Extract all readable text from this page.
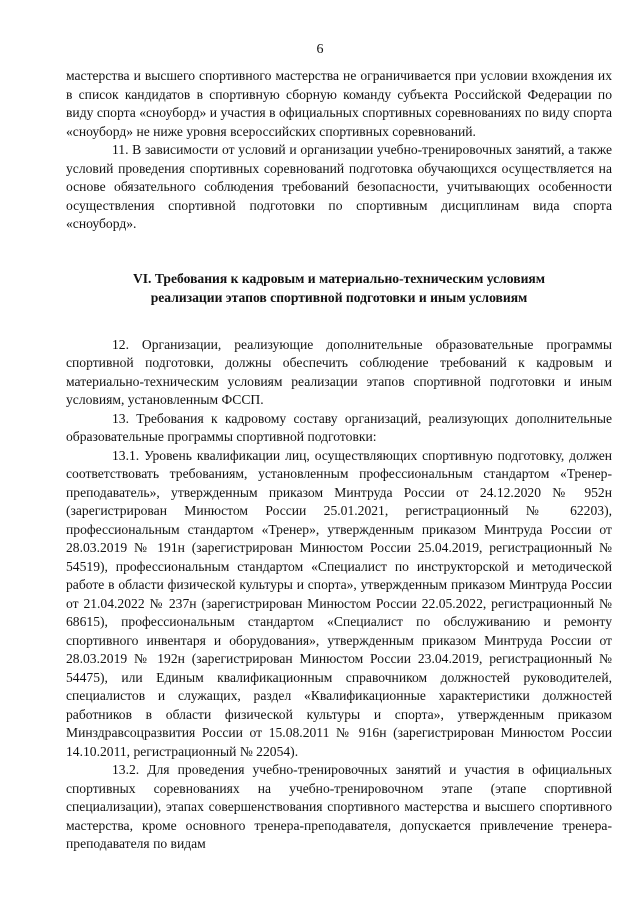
6

мастерства и высшего спортивного мастерства не ограничивается при условии вхождения их в список кандидатов в спортивную сборную команду субъекта Российской Федерации по виду спорта «сноуборд» и участия в официальных спортивных соревнованиях по виду спорта «сноуборд» не ниже уровня всероссийских спортивных соревнований.

11. В зависимости от условий и организации учебно-тренировочных занятий, а также условий проведения спортивных соревнований подготовка обучающихся осуществляется на основе обязательного соблюдения требований безопасности, учитывающих особенности осуществления спортивной подготовки по спортивным дисциплинам вида спорта «сноуборд».

VI. Требования к кадровым и материально-техническим условиям
реализации этапов спортивной подготовки и иным условиям

12. Организации, реализующие дополнительные образовательные программы спортивной подготовки, должны обеспечить соблюдение требований к кадровым и материально-техническим условиям реализации этапов спортивной подготовки и иным условиям, установленным ФССП.

13. Требования к кадровому составу организаций, реализующих дополнительные образовательные программы спортивной подготовки:

13.1. Уровень квалификации лиц, осуществляющих спортивную подготовку, должен соответствовать требованиям, установленным профессиональным стандартом «Тренер-преподаватель», утвержденным приказом Минтруда России от 24.12.2020 № 952н (зарегистрирован Минюстом России 25.01.2021, регистрационный № 62203), профессиональным стандартом «Тренер», утвержденным приказом Минтруда России от 28.03.2019 № 191н (зарегистрирован Минюстом России 25.04.2019, регистрационный № 54519), профессиональным стандартом «Специалист по инструкторской и методической работе в области физической культуры и спорта», утвержденным приказом Минтруда России от 21.04.2022 № 237н (зарегистрирован Минюстом России 22.05.2022, регистрационный № 68615), профессиональным стандартом «Специалист по обслуживанию и ремонту спортивного инвентаря и оборудования», утвержденным приказом Минтруда России от 28.03.2019 № 192н (зарегистрирован Минюстом России 23.04.2019, регистрационный № 54475), или Единым квалификационным справочником должностей руководителей, специалистов и служащих, раздел «Квалификационные характеристики должностей работников в области физической культуры и спорта», утвержденным приказом Минздравсоцразвития России от 15.08.2011 № 916н (зарегистрирован Минюстом России 14.10.2011, регистрационный № 22054).

13.2. Для проведения учебно-тренировочных занятий и участия в официальных спортивных соревнованиях на учебно-тренировочном этапе (этапе спортивной специализации), этапах совершенствования спортивного мастерства и высшего спортивного мастерства, кроме основного тренера-преподавателя, допускается привлечение тренера-преподавателя по видам
